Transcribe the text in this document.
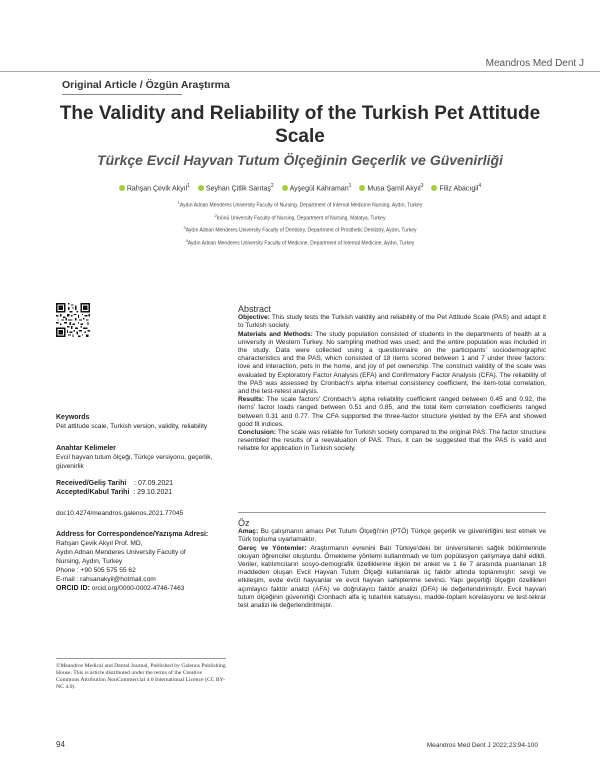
Meandros Med Dent J
Original Article / Özgün Araştırma
The Validity and Reliability of the Turkish Pet Attitude Scale
Türkçe Evcil Hayvan Tutum Ölçeğinin Geçerlik ve Güvenirliği
Rahşan Çevik Akyıl$^1$ Seyhan Çitlik Sarıtaş$^2$ Ayşegül Kahraman$^1$ Musa Şamil Akyıl$^3$ Filiz Abacıgil$^4$
$^1$Aydın Adnan Menderes University Faculty of Nursing, Department of Internal Medicine Nursing, Aydın, Turkey
$^2$İnönü University Faculty of Nursing, Department of Nursing, Malatya, Turkey
$^3$Aydın Adnan Menderes University Faculty of Dentistry, Department of Prosthetic Dentistry, Aydın, Turkey
$^4$Aydın Adnan Menderes University Faculty of Medicine, Department of Internal Medicine, Aydın, Turkey
Keywords
Pet attitude scale, Turkish version, validity, reliability
Anahtar Kelimeler
Evcil hayvan tutum ölçeği, Türkçe versiyonu, geçerlik, güvenirlik
Received/Geliş Tarihi : 07.09.2021
Accepted/Kabul Tarihi : 29.10.2021
doi:10.4274/meandros.galenos.2021.77045
Address for Correspondence/Yazışma Adresi:
Rahşan Çevik Akyıl Prof. MD,
Aydın Adnan Menderes University Faculty of
Nursing, Aydın, Turkey
Phone : +90 505 575 55 62
E-mail : rahsanakyil@hotmail.com
ORCID ID: orcid.org/0000-0002-4746-7463
©Meandros Medical and Dental Journal, Published by Galenos Publishing House. This is article distributed under the terms of the Creative Commons Attribution NonCommercial 4.0 International Licence (CC BY-NC 4.0).
Abstract

Objective: This study tests the Turkish validity and reliability of the Pet Attitude Scale (PAS) and adapt it to Turkish society.

Materials and Methods: The study population consisted of students in the departments of health at a university in Western Turkey. No sampling method was used; and the entire population was included in the study. Data were collected using a questionnaire on the participants' sociodemographic characteristics and the PAS, which consisted of 18 items scored between 1 and 7 under three factors: love and interaction, pets in the home, and joy of pet ownership. The construct validity of the scale was evaluated by Exploratory Factor Analysis (EFA) and Confirmatory Factor Analysis (CFA). The reliability of the PAS was assessed by Cronbach's alpha internal consistency coefficient, the item-total correlation, and the test-retest analysis.

Results: The scale factors' Cronbach's alpha reliability coefficient ranged between 0.45 and 0.92, the items' factor loads ranged between 0.51 and 0.85, and the total item correlation coefficients ranged between 0.31 and 0.77. The CFA supported the three-factor structure yielded by the EFA and showed good fit indices.

Conclusion: The scale was reliable for Turkish society compared to the original PAS. The factor structure resembled the results of a reevaluation of PAS. Thus, it can be suggested that the PAS is valid and reliable for application in Turkish society.

Öz

Amaç: Bu çalışmanın amacı Pet Tutum Ölçeği'nin (PTÖ) Türkçe geçerlik ve güvenirliğini test etmek ve Türk topluma uyarlamaktır.

Gereç ve Yöntemler: Araştırmanın evrenini Batı Türkiye'deki bir üniversitenin sağlık bölümlerinde okuyan öğrenciler oluşturdu. Örnekleme yöntemi kullanılmadı ve tüm popülasyon çalışmaya dahil edildi. Veriler, katılımcıların sosyo-demografik özelliklerine ilişkin bir anket ve 1 ile 7 arasında puanlanan 18 maddeden oluşan Evcil Hayvan Tutum Ölçeği kullanılarak üç faktör altında toplanmıştır: sevgi ve etkileşim, evde evcil hayvanlar ve evcil hayvan sahiplenme sevinci. Yapı geçerliği ölçeğin özellikleri açımlayıcı faktör analizi (AFA) ve doğrulayıcı faktör analizi (DFA) ile değerlendirilmiştir. Evcil hayvan tutum ölçeğinin güvenirliği Cronbach alfa iç tutarlılık katsayısı, madde-toplam korelasyonu ve test-tekrar test analizi ile değerlendirilmiştir.

94	Meandros Med Dent J 2022;23:94-100
